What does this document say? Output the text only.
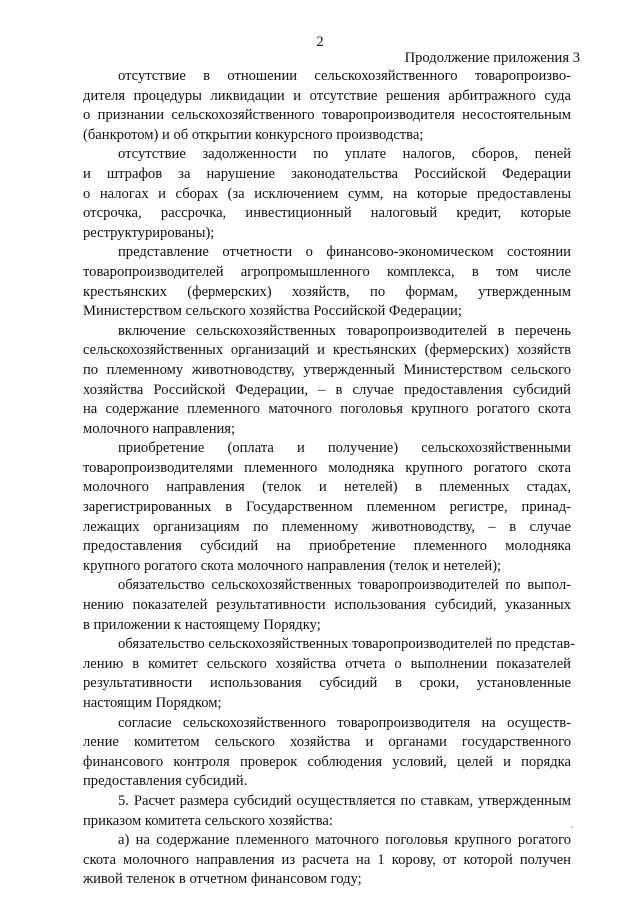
2
Продолжение приложения 3
отсутствие в отношении сельскохозяйственного товаропроизво-
дителя процедуры ликвидации и отсутствие решения арбитражного суда
о признании сельскохозяйственного товаропроизводителя несостоятельным
(банкротом) и об открытии конкурсного производства;
отсутствие задолженности по уплате налогов, сборов, пеней
и штрафов за нарушение законодательства Российской Федерации
о налогах и сборах (за исключением сумм, на которые предоставлены
отсрочка, рассрочка, инвестиционный налоговый кредит, которые
реструктурированы);
представление отчетности о финансово-экономическом состоянии
товаропроизводителей агропромышленного комплекса, в том числе
крестьянских (фермерских) хозяйств, по формам, утвержденным
Министерством сельского хозяйства Российской Федерации;
включение сельскохозяйственных товаропроизводителей в перечень
сельскохозяйственных организаций и крестьянских (фермерских) хозяйств
по племенному животноводству, утвержденный Министерством сельского
хозяйства Российской Федерации, – в случае предоставления субсидий
на содержание племенного маточного поголовья крупного рогатого скота
молочного направления;
приобретение (оплата и получение) сельскохозяйственными
товаропроизводителями племенного молодняка крупного рогатого скота
молочного направления (телок и нетелей) в племенных стадах,
зарегистрированных в Государственном племенном регистре, принад-
лежащих организациям по племенному животноводству, – в случае
предоставления субсидий на приобретение племенного молодняка
крупного рогатого скота молочного направления (телок и нетелей);
обязательство сельскохозяйственных товаропроизводителей по выпол-
нению показателей результативности использования субсидий, указанных
в приложении к настоящему Порядку;
обязательство сельскохозяйственных товаропроизводителей по представ-
лению в комитет сельского хозяйства отчета о выполнении показателей
результативности использования субсидий в сроки, установленные
настоящим Порядком;
согласие сельскохозяйственного товаропроизводителя на осуществ-
ление комитетом сельского хозяйства и органами государственного
финансового контроля проверок соблюдения условий, целей и порядка
предоставления субсидий.
5. Расчет размера субсидий осуществляется по ставкам, утвержденным
приказом комитета сельского хозяйства:
а) на содержание племенного маточного поголовья крупного рогатого
скота молочного направления из расчета на 1 корову, от которой получен
живой теленок в отчетном финансовом году;
